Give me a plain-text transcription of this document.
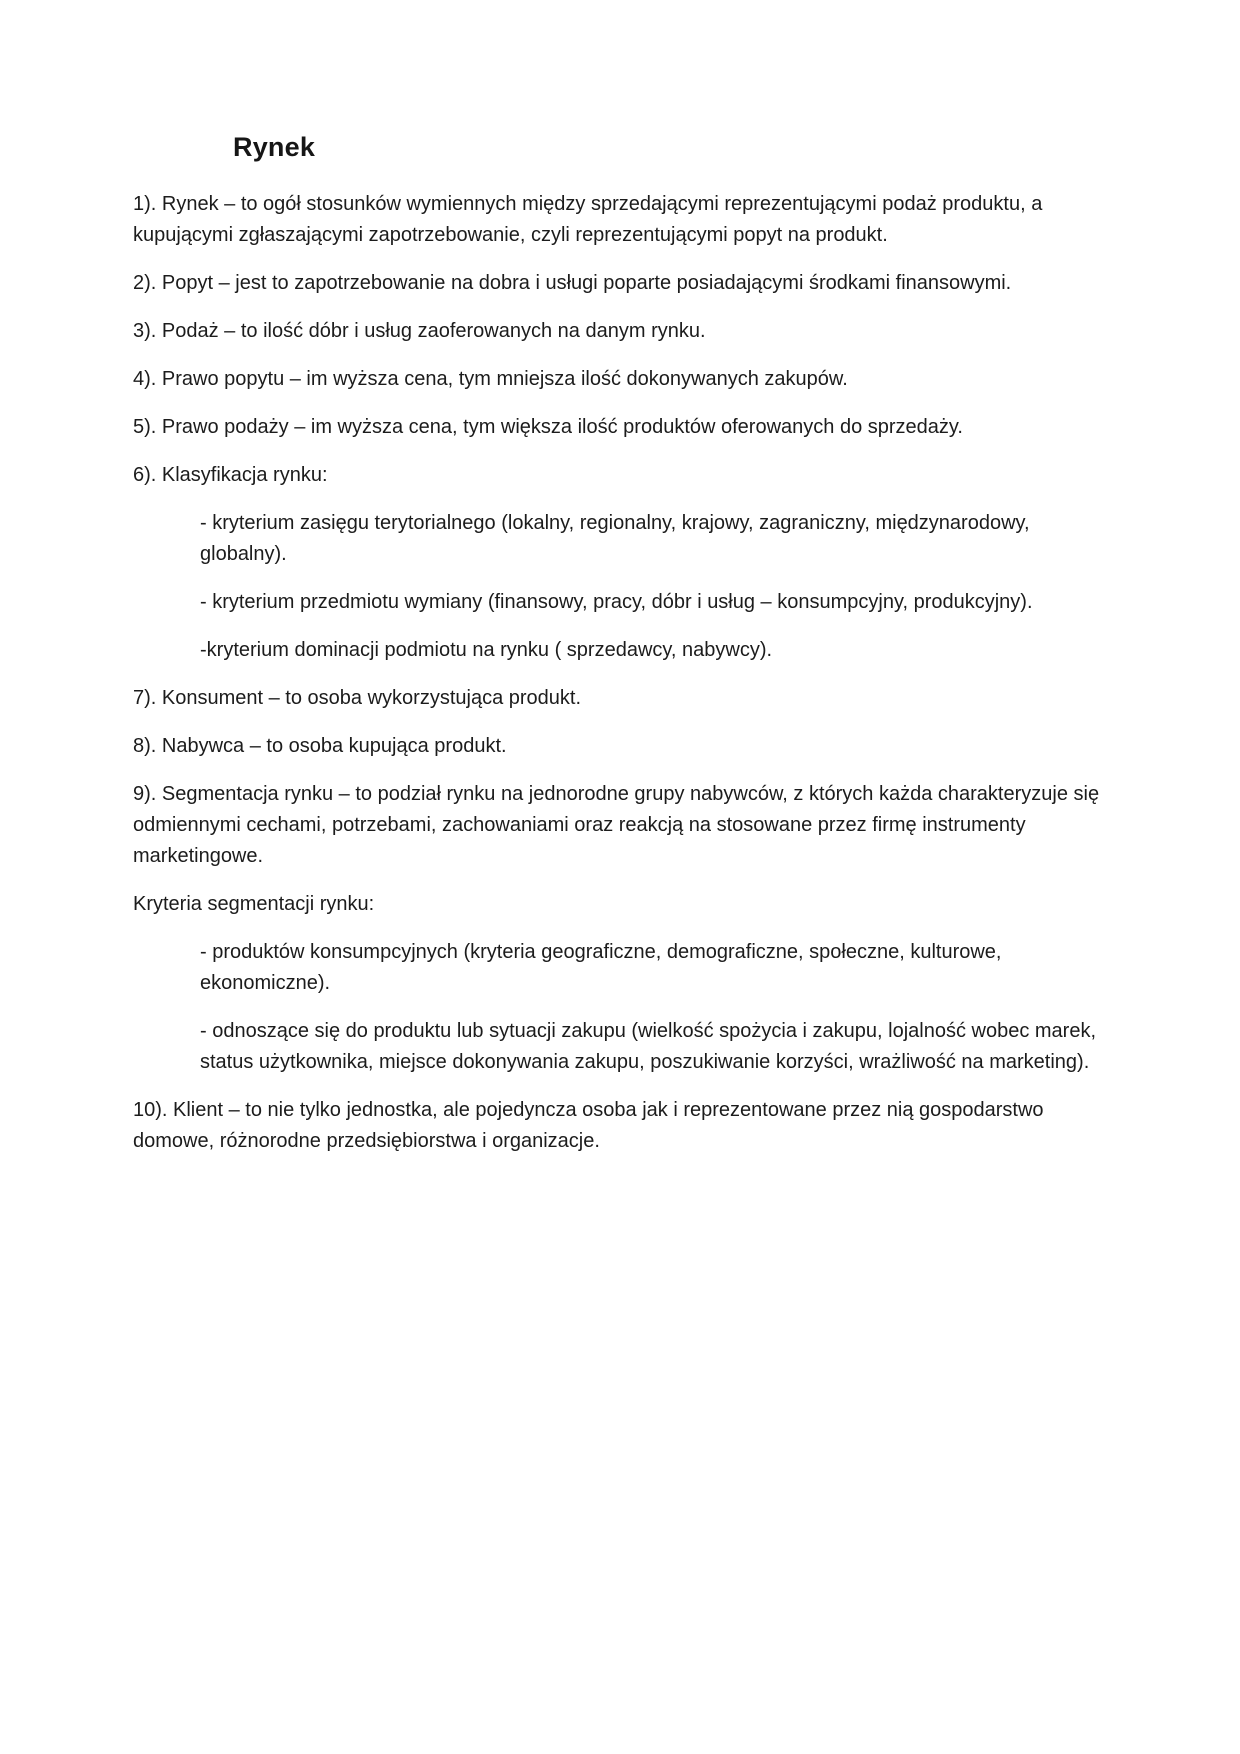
Rynek

1). Rynek – to ogół stosunków wymiennych między sprzedającymi reprezentującymi podaż produktu, a kupującymi zgłaszającymi zapotrzebowanie, czyli reprezentującymi popyt na produkt.

2). Popyt – jest to zapotrzebowanie na dobra i usługi poparte posiadającymi środkami finansowymi.

3). Podaż – to ilość dóbr i usług zaoferowanych na danym rynku.

4). Prawo popytu – im wyższa cena, tym mniejsza ilość dokonywanych zakupów.

5). Prawo podaży – im wyższa cena, tym większa ilość produktów oferowanych do sprzedaży.

6). Klasyfikacja rynku:

- kryterium zasięgu terytorialnego (lokalny, regionalny, krajowy, zagraniczny, międzynarodowy, globalny).

- kryterium przedmiotu wymiany (finansowy, pracy, dóbr i usług – konsumpcyjny, produkcyjny).

-kryterium dominacji podmiotu na rynku ( sprzedawcy, nabywcy).

7). Konsument – to osoba wykorzystująca produkt.

8). Nabywca – to osoba kupująca produkt.

9). Segmentacja rynku – to podział rynku na jednorodne grupy nabywców, z których każda charakteryzuje się odmiennymi cechami, potrzebami, zachowaniami oraz reakcją na stosowane przez firmę instrumenty marketingowe.

Kryteria segmentacji rynku:

- produktów konsumpcyjnych (kryteria geograficzne, demograficzne, społeczne, kulturowe, ekonomiczne).

- odnoszące się do produktu lub sytuacji zakupu (wielkość spożycia i zakupu, lojalność wobec marek, status użytkownika, miejsce dokonywania zakupu, poszukiwanie korzyści, wrażliwość na marketing).

10). Klient – to nie tylko jednostka, ale pojedyncza osoba jak i reprezentowane przez nią gospodarstwo domowe, różnorodne przedsiębiorstwa i organizacje.
